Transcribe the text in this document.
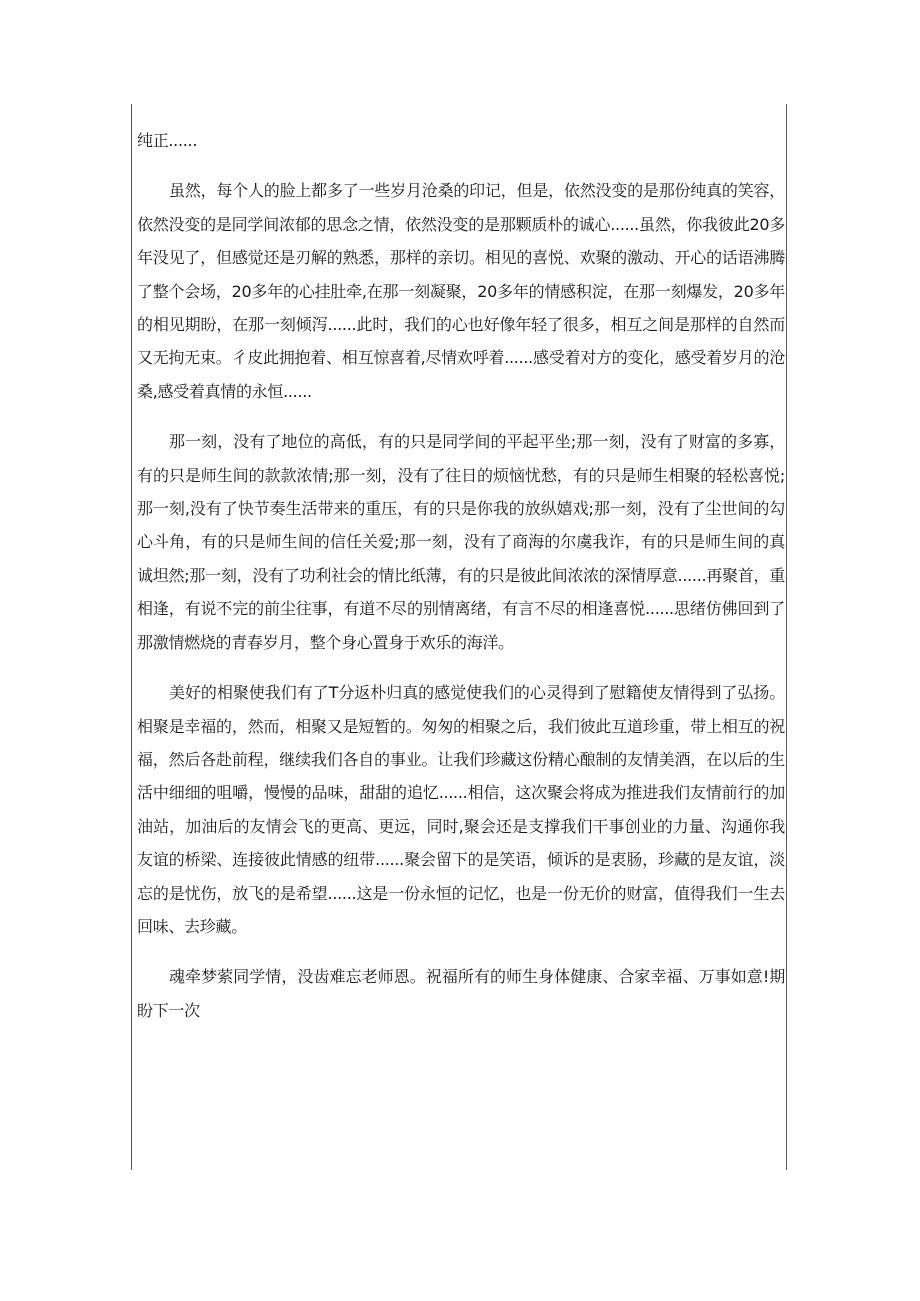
纯正......

虽然，每个人的脸上都多了一些岁月沧桑的印记，但是，依然没变的是那份纯真的笑容，依然没变的是同学间浓郁的思念之情，依然没变的是那颗质朴的诚心......虽然，你我彼此20多年没见了，但感觉还是刃解的熟悉，那样的亲切。相见的喜悦、欢聚的激动、开心的话语沸腾了整个会场，20多年的心挂肚牵,在那一刻凝聚，20多年的情感积淀，在那一刻爆发，20多年的相见期盼，在那一刻倾泻......此时，我们的心也好像年轻了很多，相互之间是那样的自然而又无拘无束。彳皮此拥抱着、相互惊喜着,尽情欢呼着......感受着对方的变化，感受着岁月的沧桑,感受着真情的永恒......

那一刻，没有了地位的高低，有的只是同学间的平起平坐;那一刻，没有了财富的多寡，有的只是师生间的款款浓情;那一刻，没有了往日的烦恼忧愁，有的只是师生相聚的轻松喜悦;那一刻,没有了快节奏生活带来的重压，有的只是你我的放纵嬉戏;那一刻，没有了尘世间的勾心斗角，有的只是师生间的信任关爱;那一刻，没有了商海的尔虞我诈，有的只是师生间的真诚坦然;那一刻，没有了功利社会的情比纸薄，有的只是彼此间浓浓的深情厚意......再聚首，重相逢，有说不完的前尘往事，有道不尽的别情离绪，有言不尽的相逢喜悦......思绪仿佛回到了那激情燃烧的青春岁月，整个身心置身于欢乐的海洋。

美好的相聚使我们有了T分返朴归真的感觉使我们的心灵得到了慰籍使友情得到了弘扬。相聚是幸福的，然而，相聚又是短暂的。匆匆的相聚之后，我们彼此互道珍重，带上相互的祝福，然后各赴前程，继续我们各自的事业。让我们珍藏这份精心酿制的友情美酒，在以后的生活中细细的咀嚼，慢慢的品味，甜甜的追忆......相信，这次聚会将成为推进我们友情前行的加油站，加油后的友情会飞的更高、更远，同时,聚会还是支撑我们干事创业的力量、沟通你我友谊的桥梁、连接彼此情感的纽带......聚会留下的是笑语，倾诉的是衷肠，珍藏的是友谊，淡忘的是忧伤，放飞的是希望......这是一份永恒的记忆，也是一份无价的财富，值得我们一生去回味、去珍藏。

魂牵梦萦同学情，没齿难忘老师恩。祝福所有的师生身体健康、合家幸福、万事如意!期盼下一次
